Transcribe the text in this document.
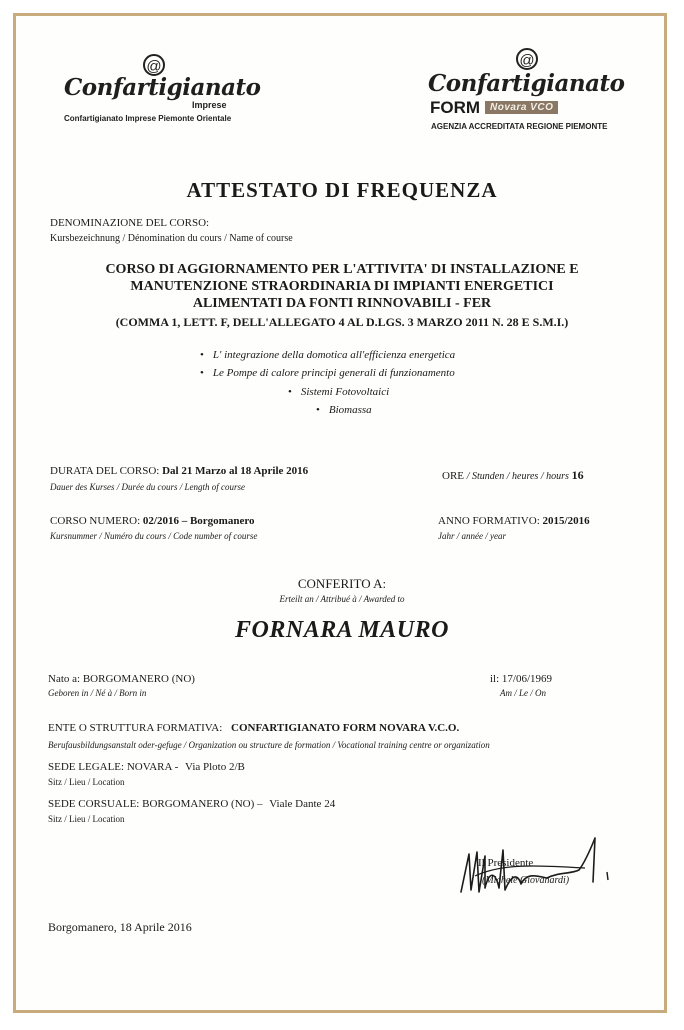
@
Confartigianato
Imprese
Confartigianato Imprese Piemonte Orientale
@
Confartigianato
FORM Novara VCO
AGENZIA ACCREDITATA REGIONE PIEMONTE
ATTESTATO DI FREQUENZA
DENOMINAZIONE DEL CORSO:
Kursbezeichnung / Dénomination du cours / Name of course
CORSO DI AGGIORNAMENTO PER L'ATTIVITA' DI INSTALLAZIONE E
MANUTENZIONE STRAORDINARIA DI IMPIANTI ENERGETICI
ALIMENTATI DA FONTI RINNOVABILI - FER
(COMMA 1, LETT. F, DELL'ALLEGATO 4 AL D.LGS. 3 MARZO 2011 N. 28 E S.M.I.)
• L' integrazione della domotica all'efficienza energetica
• Le Pompe di calore principi generali di funzionamento
• Sistemi Fotovoltaici
• Biomassa
DURATA DEL CORSO: Dal 21 Marzo al 18 Aprile 2016
Dauer des Kurses / Durée du cours / Length of course
ORE / Stunden / heures / hours 16
CORSO NUMERO: 02/2016 – Borgomanero
Kursnummer / Numéro du cours / Code number of course
ANNO FORMATIVO: 2015/2016
Jahr / année / year
CONFERITO A:
Erteilt an / Attribué à / Awarded to
FORNARA MAURO
Nato a: BORGOMANERO (NO)
Geboren in / Né à / Born in
il: 17/06/1969
Am / Le / On
ENTE O STRUTTURA FORMATIVA: CONFARTIGIANATO FORM NOVARA V.C.O.
Berufausbildungsanstalt oder-gefuge / Organization ou structure de formation / Vocational training centre or organization
SEDE LEGALE: NOVARA - Via Ploto 2/B
Sitz / Lieu / Location
SEDE CORSUALE: BORGOMANERO (NO) – Viale Dante 24
Sitz / Lieu / Location
Il Presidente
(Michele Giovanardi)
Borgomanero, 18 Aprile 2016
